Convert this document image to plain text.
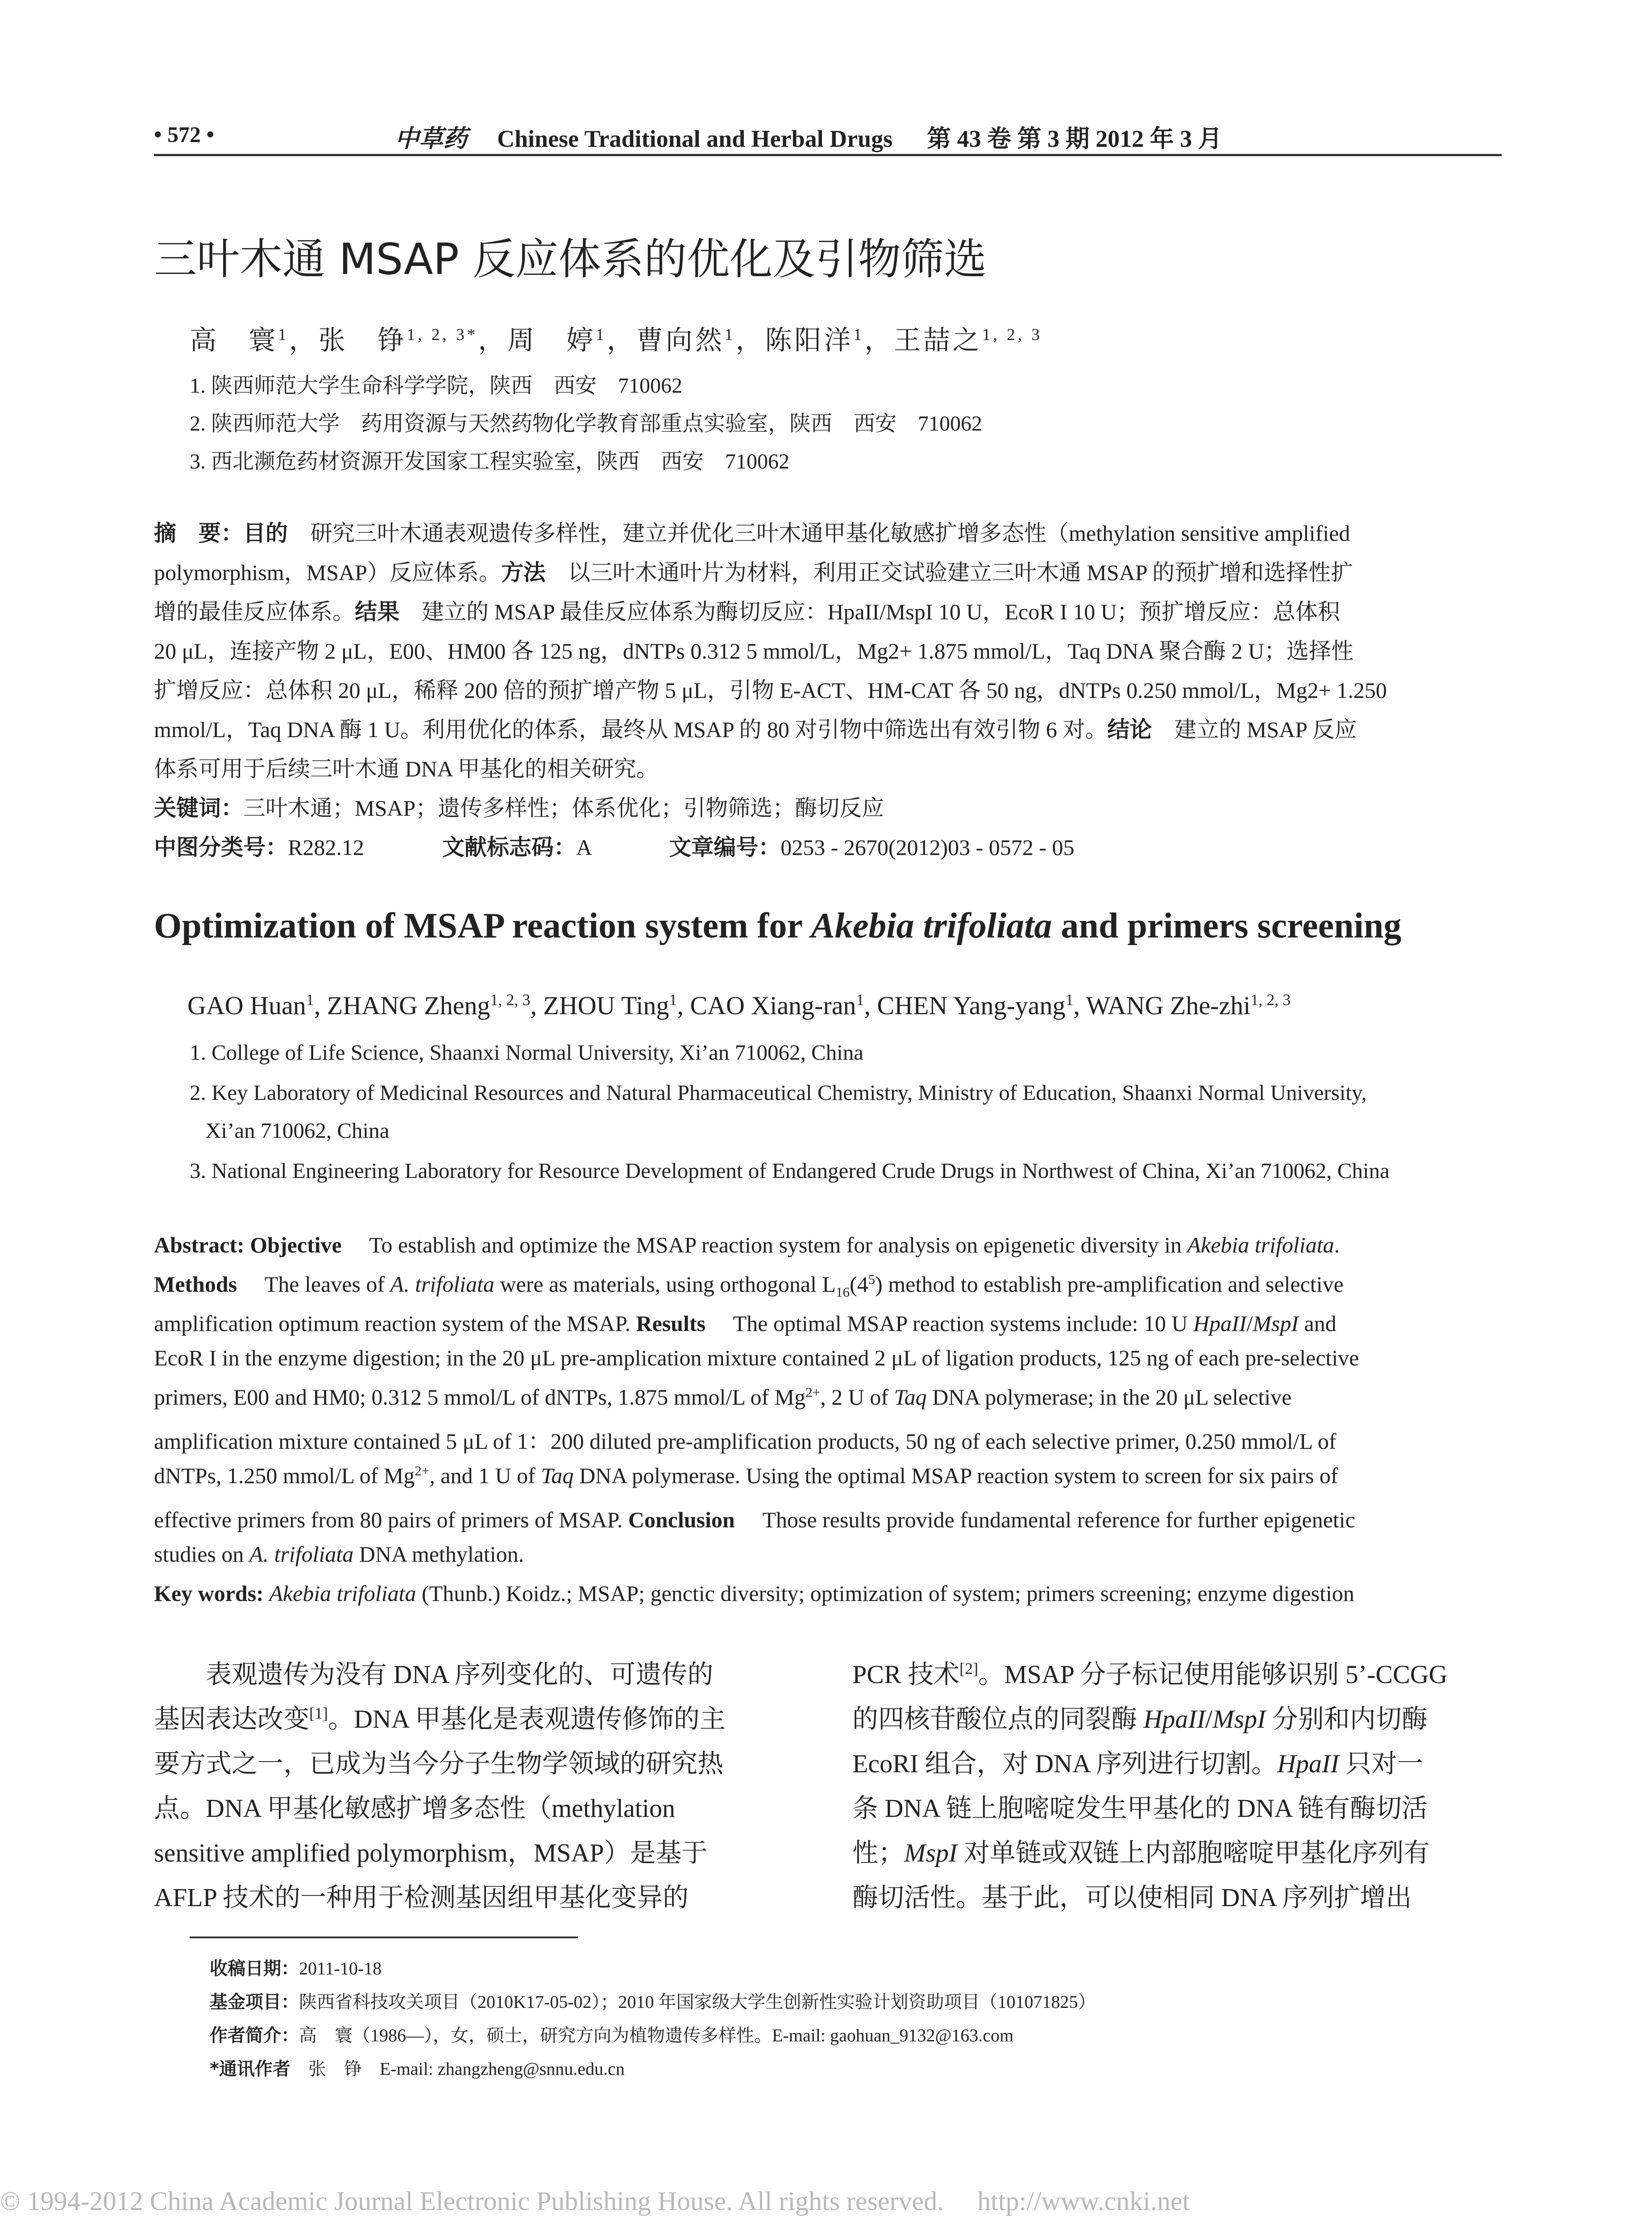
• 572 •	中草药 Chinese Traditional and Herbal Drugs 第 43 卷 第 3 期 2012 年 3 月
三叶木通 MSAP 反应体系的优化及引物筛选
高　寰$^1$，张　铮$^{1, 2, 3*}$，周　婷$^1$，曹向然$^1$，陈阳洋$^1$，王喆之$^{1, 2, 3}$
1. 陕西师范大学生命科学学院，陕西　西安　710062
2. 陕西师范大学　药用资源与天然药物化学教育部重点实验室，陕西　西安　710062
3. 西北濒危药材资源开发国家工程实验室，陕西　西安　710062
摘　要：目的　 研究三叶木通表观遗传多样性，建立并优化三叶木通甲基化敏感扩增多态性（methylation sensitive amplified
polymorphism，MSAP）反应体系。方法　 以三叶木通叶片为材料，利用正交试验建立三叶木通 MSAP 的预扩增和选择性扩
增的最佳反应体系。结果　 建立的 MSAP 最佳反应体系为酶切反应：HpaII/MspI 10 U，EcoR I 10 U；预扩增反应：总体积
20 μL，连接产物 2 μL，E00、HM00 各 125 ng，dNTPs 0.312 5 mmol/L，Mg2+ 1.875 mmol/L，Taq DNA 聚合酶 2 U；选择性
扩增反应：总体积 20 μL，稀释 200 倍的预扩增产物 5 μL，引物 E-ACT、HM-CAT 各 50 ng，dNTPs 0.250 mmol/L，Mg2+ 1.250
mmol/L，Taq DNA 酶 1 U。利用优化的体系，最终从 MSAP 的 80 对引物中筛选出有效引物 6 对。结论　 建立的 MSAP 反应
体系可用于后续三叶木通 DNA 甲基化的相关研究。
关键词：三叶木通；MSAP；遗传多样性；体系优化；引物筛选；酶切反应
中图分类号：R282.12	文献标志码：A	文章编号：0253 - 2670(2012)03 - 0572 - 05
Optimization of MSAP reaction system for Akebia trifoliata and primers screening
GAO Huan$^1$, ZHANG Zheng$^{1, 2, 3}$, ZHOU Ting$^1$, CAO Xiang-ran$^1$, CHEN Yang-yang$^1$, WANG Zhe-zhi$^{1, 2, 3}$
1. College of Life Science, Shaanxi Normal University, Xi’an 710062, China
2. Key Laboratory of Medicinal Resources and Natural Pharmaceutical Chemistry, Ministry of Education, Shaanxi Normal University,
Xi’an 710062, China
3. National Engineering Laboratory for Resource Development of Endangered Crude Drugs in Northwest of China, Xi’an 710062, China
Abstract: Objective　 To establish and optimize the MSAP reaction system for analysis on epigenetic diversity in Akebia trifoliata.
Methods　 The leaves of A. trifoliata were as materials, using orthogonal $L_{16}(4^5)$ method to establish pre-amplification and selective
amplification optimum reaction system of the MSAP. Results　 The optimal MSAP reaction systems include: 10 U HpaII/MspI and
EcoR I in the enzyme digestion; in the 20 μL pre-amplication mixture contained 2 μL of ligation products, 125 ng of each pre-selective
primers, E00 and HM0; 0.312 5 mmol/L of dNTPs, 1.875 mmol/L of $Mg^{2+}$, 2 U of Taq DNA polymerase; in the 20 μL selective
amplification mixture contained 5 μL of 1：200 diluted pre-amplification products, 50 ng of each selective primer, 0.250 mmol/L of
dNTPs, 1.250 mmol/L of $Mg^{2+}$, and 1 U of Taq DNA polymerase. Using the optimal MSAP reaction system to screen for six pairs of
effective primers from 80 pairs of primers of MSAP. Conclusion　 Those results provide fundamental reference for further epigenetic
studies on A. trifoliata DNA methylation.
Key words: Akebia trifoliata (Thunb.) Koidz.; MSAP; genctic diversity; optimization of system; primers screening; enzyme digestion
　　表观遗传为没有 DNA 序列变化的、可遗传的
基因表达改变[1]。DNA 甲基化是表观遗传修饰的主
要方式之一，已成为当今分子生物学领域的研究热
点。DNA 甲基化敏感扩增多态性（methylation
sensitive amplified polymorphism，MSAP）是基于
AFLP 技术的一种用于检测基因组甲基化变异的
PCR 技术[2]。MSAP 分子标记使用能够识别 5’-CCGG
的四核苷酸位点的同裂酶 HpaII/MspI 分别和内切酶
EcoRI 组合，对 DNA 序列进行切割。HpaII 只对一
条 DNA 链上胞嘧啶发生甲基化的 DNA 链有酶切活
性；MspI 对单链或双链上内部胞嘧啶甲基化序列有
酶切活性。基于此，可以使相同 DNA 序列扩增出
收稿日期：2011-10-18
基金项目：陕西省科技攻关项目（2010K17-05-02）；2010 年国家级大学生创新性实验计划资助项目（101071825）
作者简介：高　寰（1986—），女，硕士，研究方向为植物遗传多样性。E-mail: gaohuan_9132@163.com
*通讯作者　 张　铮　E-mail: zhangzheng@snnu.edu.cn
© 1994-2012 China Academic Journal Electronic Publishing House. All rights reserved.　 http://www.cnki.net
